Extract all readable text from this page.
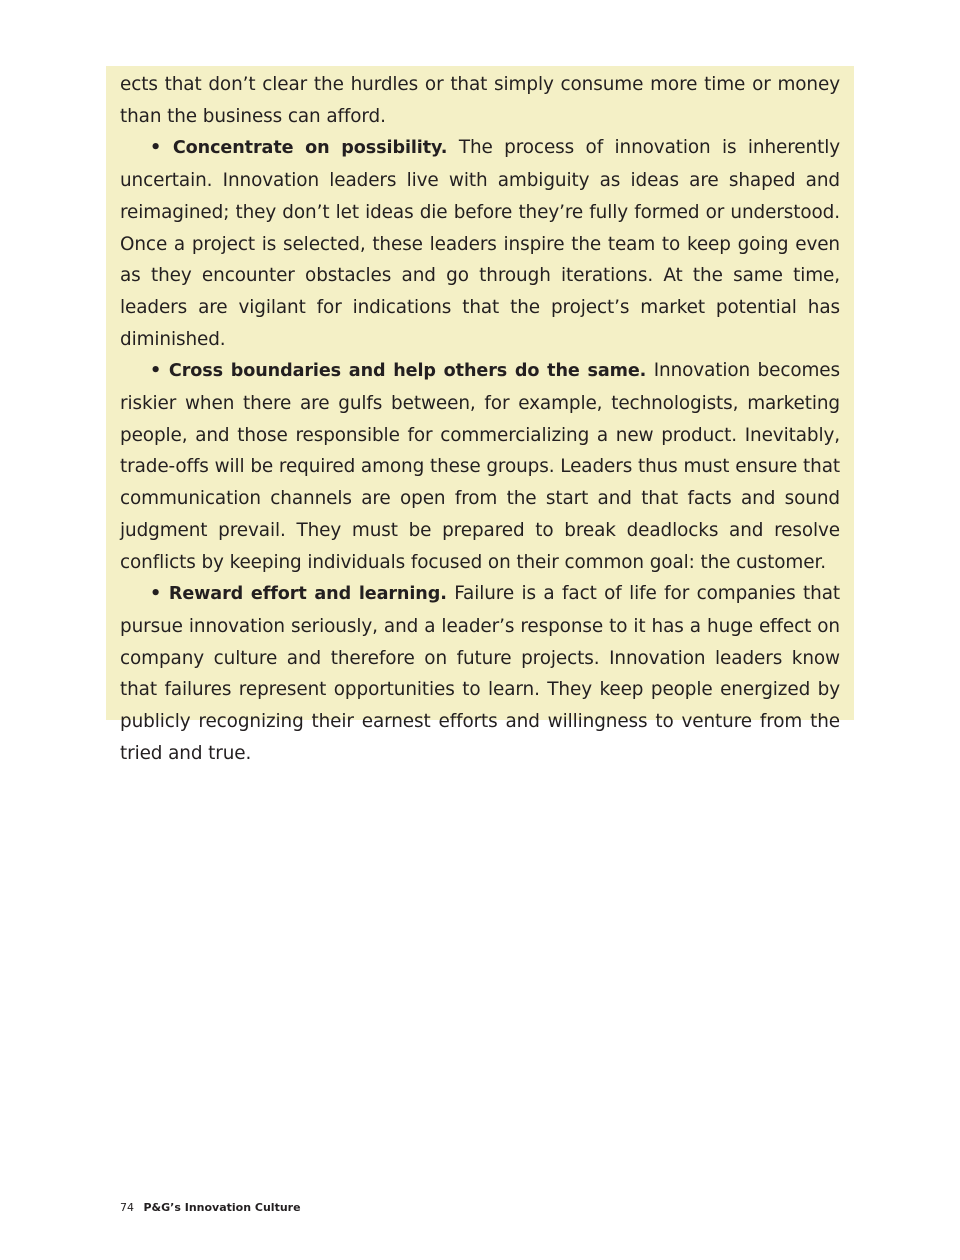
ects that don’t clear the hurdles or that simply consume more time or money than the business can afford.

• Concentrate on possibility. The process of innovation is inherently uncertain. Innovation leaders live with ambiguity as ideas are shaped and reimagined; they don’t let ideas die before they’re fully formed or understood. Once a project is selected, these leaders inspire the team to keep going even as they encounter obstacles and go through iterations. At the same time, leaders are vigilant for indications that the project’s market potential has diminished.

• Cross boundaries and help others do the same. Innovation becomes riskier when there are gulfs between, for example, technologists, marketing people, and those responsible for commercializing a new product. Inevitably, trade-offs will be required among these groups. Leaders thus must ensure that communication channels are open from the start and that facts and sound judgment prevail. They must be prepared to break deadlocks and resolve conflicts by keeping individuals focused on their common goal: the customer.

• Reward effort and learning. Failure is a fact of life for companies that pursue innovation seriously, and a leader’s response to it has a huge effect on company culture and therefore on future projects. Innovation leaders know that failures represent opportunities to learn. They keep people energized by publicly recognizing their earnest efforts and willingness to venture from the tried and true.

74 P&G’s Innovation Culture
